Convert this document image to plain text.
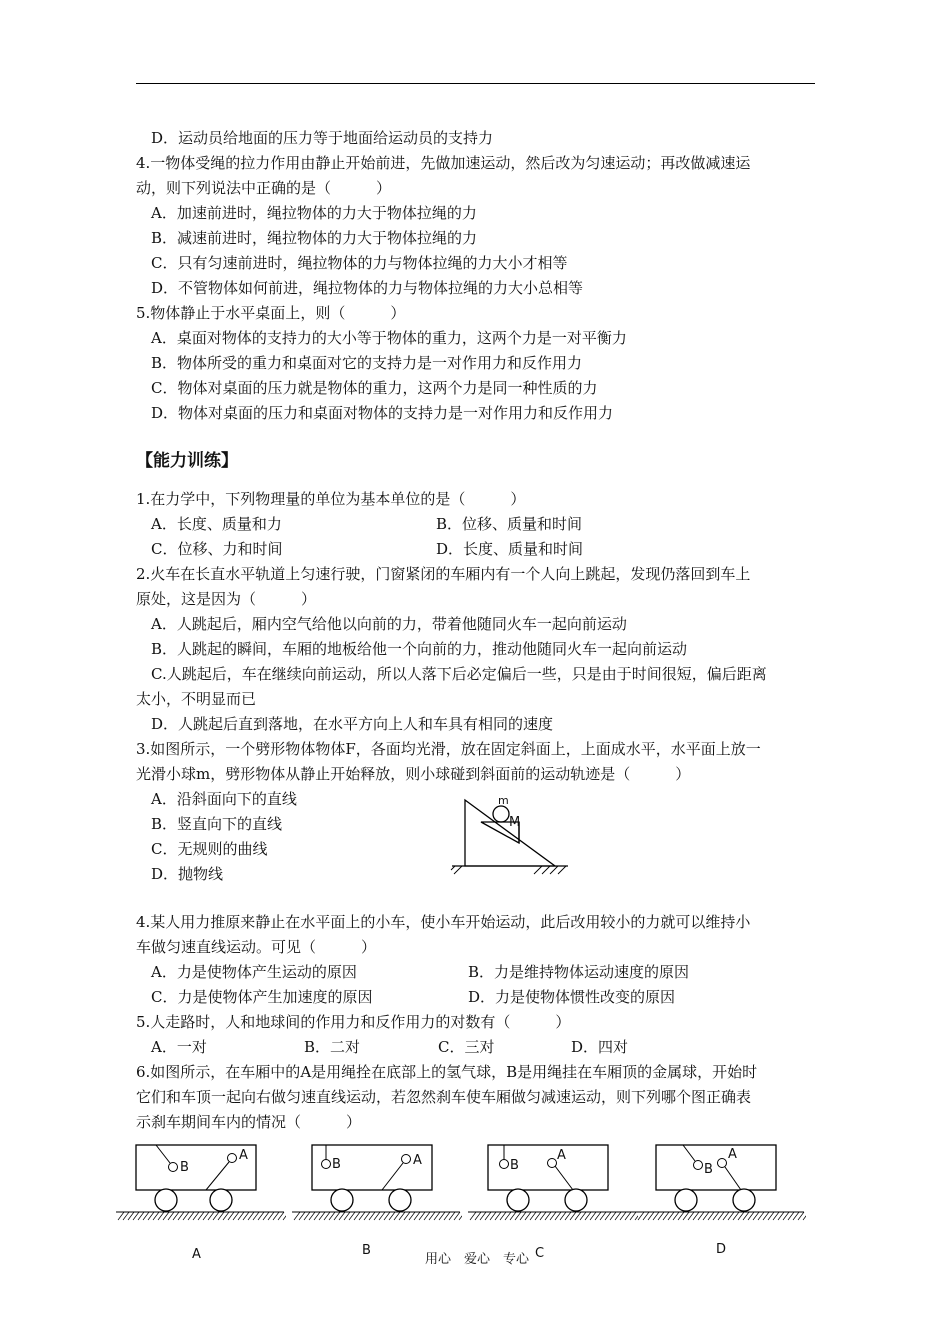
　D．运动员给地面的压力等于地面给运动员的支持力
4.一物体受绳的拉力作用由静止开始前进，先做加速运动，然后改为匀速运动；再改做减速运
动，则下列说法中正确的是（　　　）
　A．加速前进时，绳拉物体的力大于物体拉绳的力
　B．减速前进时，绳拉物体的力大于物体拉绳的力
　C．只有匀速前进时，绳拉物体的力与物体拉绳的力大小才相等
　D．不管物体如何前进，绳拉物体的力与物体拉绳的力大小总相等
5.物体静止于水平桌面上，则（　　　）
　A．桌面对物体的支持力的大小等于物体的重力，这两个力是一对平衡力
　B．物体所受的重力和桌面对它的支持力是一对作用力和反作用力
　C．物体对桌面的压力就是物体的重力，这两个力是同一种性质的力
　D．物体对桌面的压力和桌面对物体的支持力是一对作用力和反作用力
【能力训练】
1.在力学中，下列物理量的单位为基本单位的是（　　　）
A．长度、质量和力	B．位移、质量和时间
C．位移、力和时间	D．长度、质量和时间
2.火车在长直水平轨道上匀速行驶，门窗紧闭的车厢内有一个人向上跳起，发现仍落回到车上
原处，这是因为（　　　）
　A．人跳起后，厢内空气给他以向前的力，带着他随同火车一起向前运动
　B．人跳起的瞬间，车厢的地板给他一个向前的力，推动他随同火车一起向前运动
　C.人跳起后，车在继续向前运动，所以人落下后必定偏后一些，只是由于时间很短，偏后距离
太小，不明显而已
　D．人跳起后直到落地，在水平方向上人和车具有相同的速度
3.如图所示，一个劈形物体物体F，各面均光滑，放在固定斜面上，上面成水平，水平面上放一
光滑小球m，劈形物体从静止开始释放，则小球碰到斜面前的运动轨迹是（　　　）
A．沿斜面向下的直线
B．竖直向下的直线
C．无规则的曲线
D．抛物线
m
M
4.某人用力推原来静止在水平面上的小车，使小车开始运动，此后改用较小的力就可以维持小
车做匀速直线运动。可见（　　　）
A．力是使物体产生运动的原因	B．力是维持物体运动速度的原因
C．力是使物体产生加速度的原因	D．力是使物体惯性改变的原因
5.人走路时，人和地球间的作用力和反作用力的对数有（　　　）
A．一对	B．二对	C．三对	D．四对
6.如图所示，在车厢中的A是用绳拴在底部上的氢气球，B是用绳挂在车厢顶的金属球，开始时
它们和车顶一起向右做匀速直线运动，若忽然刹车使车厢做匀减速运动，则下列哪个图正确表
示刹车期间车内的情况（　　　）
B
A
B	A	B
A
B
A
A	B	C	D
用心　爱心　专心
